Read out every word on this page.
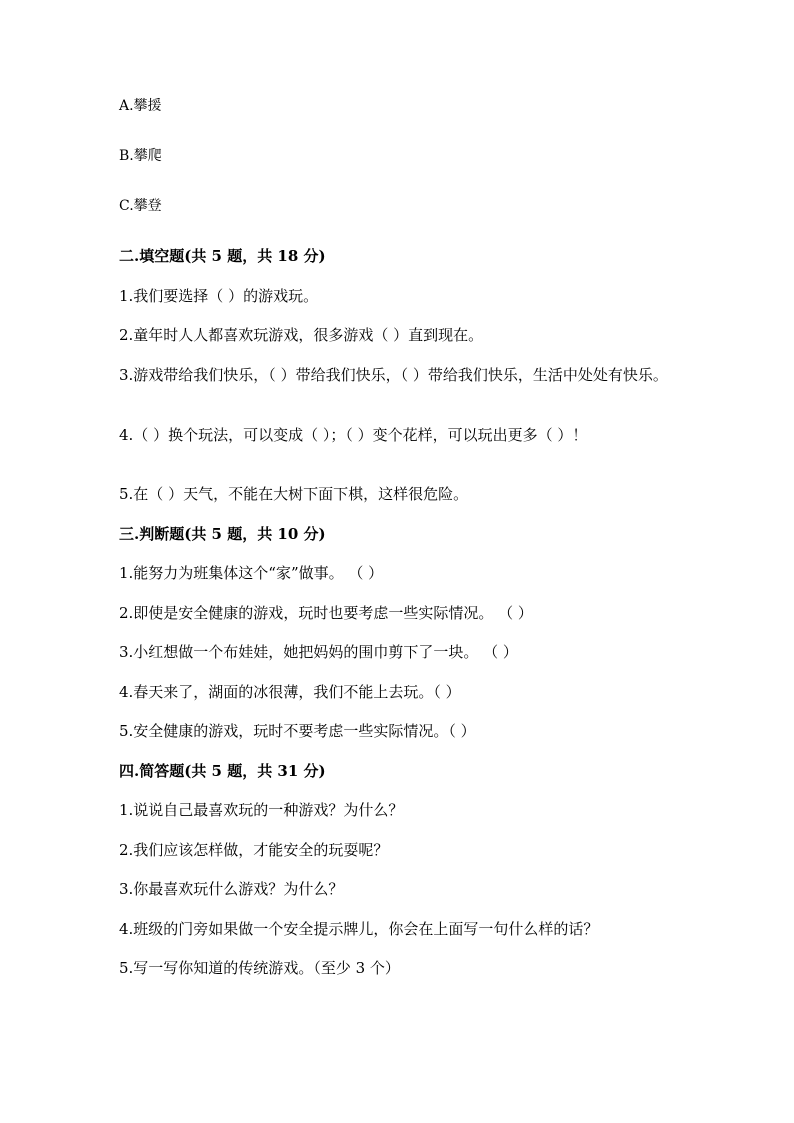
A.攀援
B.攀爬
C.攀登
二.填空题(共 5 题，共 18 分)
1.我们要选择（ ）的游戏玩。
2.童年时人人都喜欢玩游戏，很多游戏（ ）直到现在。
3.游戏带给我们快乐，（ ）带给我们快乐，（ ）带给我们快乐，生活中处处有快乐。
4.（ ）换个玩法，可以变成（ ）；（ ）变个花样，可以玩出更多（ ）！
5.在（ ）天气，不能在大树下面下棋，这样很危险。
三.判断题(共 5 题，共 10 分)
1.能努力为班集体这个“家”做事。 （ ）
2.即使是安全健康的游戏，玩时也要考虑一些实际情况。 （ ）
3.小红想做一个布娃娃，她把妈妈的围巾剪下了一块。 （ ）
4.春天来了，湖面的冰很薄，我们不能上去玩。（ ）
5.安全健康的游戏，玩时不要考虑一些实际情况。（ ）
四.简答题(共 5 题，共 31 分)
1.说说自己最喜欢玩的一种游戏？为什么？
2.我们应该怎样做，才能安全的玩耍呢？
3.你最喜欢玩什么游戏？为什么？
4.班级的门旁如果做一个安全提示牌儿，你会在上面写一句什么样的话？
5.写一写你知道的传统游戏。（至少 3 个）
